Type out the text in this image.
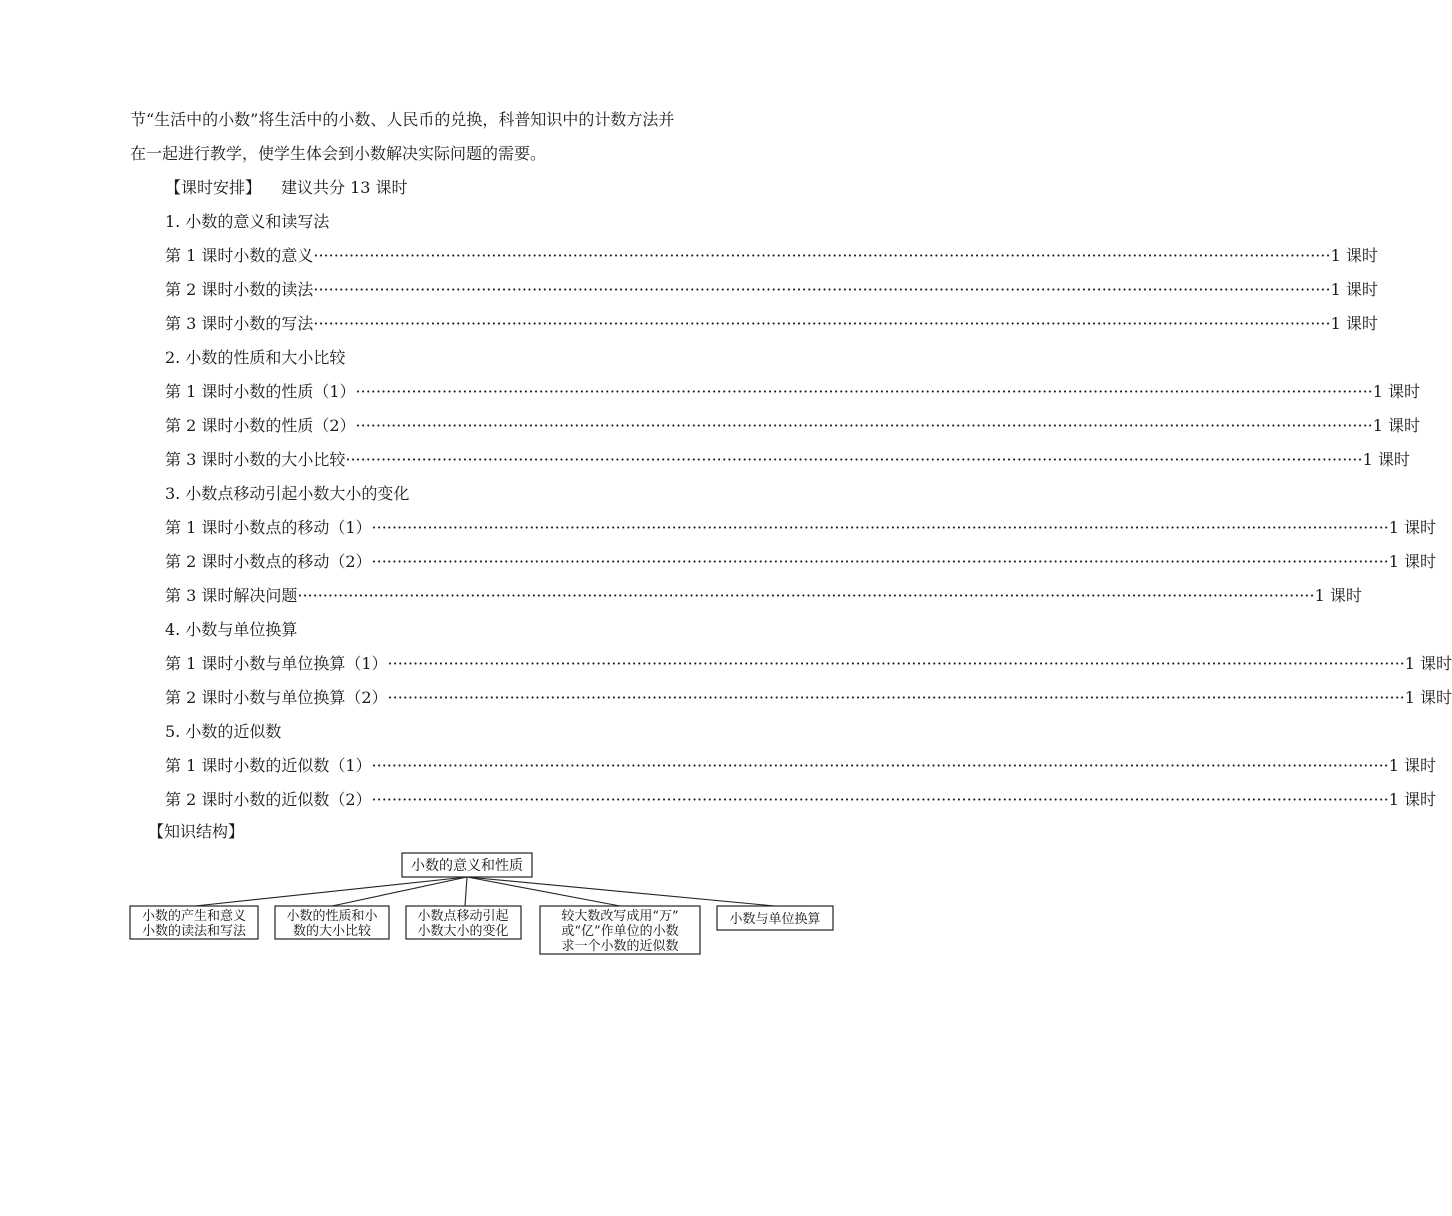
节“生活中的小数”将生活中的小数、人民币的兑换，科普知识中的计数方法并
在一起进行教学，使学生体会到小数解决实际问题的需要。
【课时安排】 建议共分 13 课时
1. 小数的意义和读写法
第 1 课时 小数的意义 ········································································································································································································ 1 课时
第 2 课时 小数的读法 ········································································································································································································ 1 课时
第 3 课时 小数的写法 ········································································································································································································ 1 课时
2. 小数的性质和大小比较
第 1 课时 小数的性质（1） ········································································································································································································ 1 课时
第 2 课时 小数的性质（2） ········································································································································································································ 1 课时
第 3 课时 小数的大小比较 ········································································································································································································ 1 课时
3. 小数点移动引起小数大小的变化
第 1 课时 小数点的移动（1） ········································································································································································································ 1 课时
第 2 课时 小数点的移动（2） ········································································································································································································ 1 课时
第 3 课时 解决问题 ········································································································································································································ 1 课时
4. 小数与单位换算
第 1 课时 小数与单位换算（1） ········································································································································································································ 1 课时
第 2 课时 小数与单位换算（2） ········································································································································································································ 1 课时
5. 小数的近似数
第 1 课时 小数的近似数（1） ········································································································································································································ 1 课时
第 2 课时 小数的近似数（2） ········································································································································································································ 1 课时
【知识结构】
小数的意义和性质
小数的产生和意义
小数的读法和写法
小数的性质和小
数的大小比较
小数点移动引起
小数大小的变化
较大数改写成用“万”
或“亿”作单位的小数
求一个小数的近似数
小数与单位换算
